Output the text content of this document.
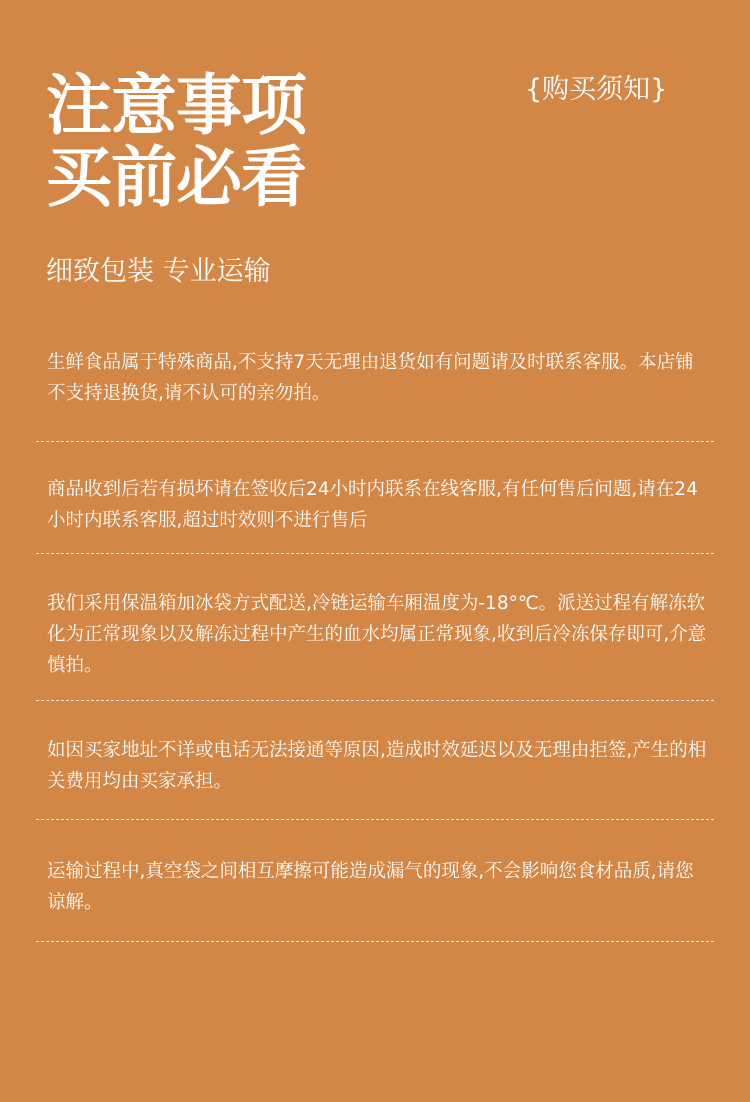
注意事项
买前必看
{购买须知}
细致包装 专业运输

生鲜食品属于特殊商品,不支持7天无理由退货如有问题请及时联系客服。本店铺不支持退换货,请不认可的亲勿拍。

商品收到后若有损坏请在签收后24小时内联系在线客服,有任何售后问题,请在24小时内联系客服,超过时效则不进行售后

我们采用保温箱加冰袋方式配送,冷链运输车厢温度为-18°℃。派送过程有解冻软化为正常现象以及解冻过程中产生的血水均属正常现象,收到后冷冻保存即可,介意慎拍。

如因买家地址不详或电话无法接通等原因,造成时效延迟以及无理由拒签,产生的相关费用均由买家承担。

运输过程中,真空袋之间相互摩擦可能造成漏气的现象,不会影响您食材品质,请您谅解。
